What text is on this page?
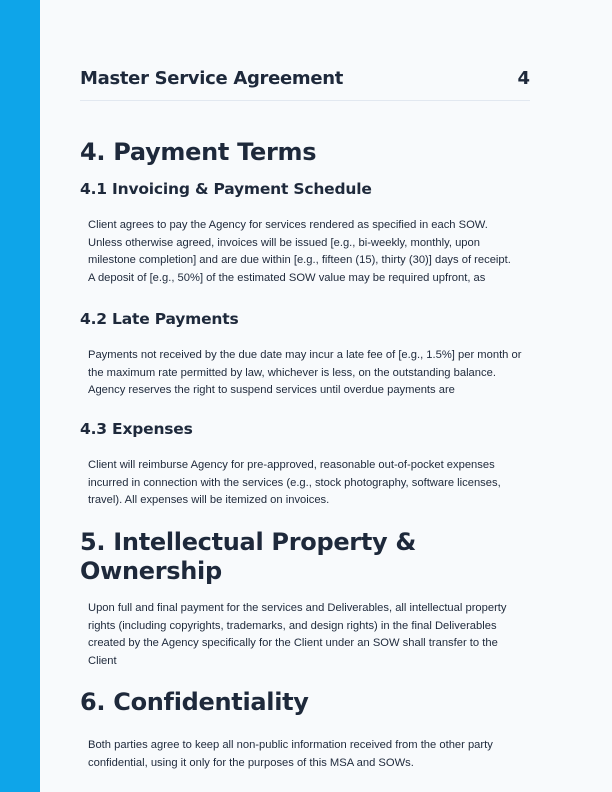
Master Service Agreement	4
4. Payment Terms
4.1 Invoicing & Payment Schedule
Client agrees to pay the Agency for services rendered as specified in each SOW. Unless otherwise agreed, invoices will be issued [e.g., bi-weekly, monthly, upon milestone completion] and are due within [e.g., fifteen (15), thirty (30)] days of receipt.
A deposit of [e.g., 50%] of the estimated SOW value may be required upfront, as
4.2 Late Payments
Payments not received by the due date may incur a late fee of [e.g., 1.5%] per month or the maximum rate permitted by law, whichever is less, on the outstanding balance. Agency reserves the right to suspend services until overdue payments are
4.3 Expenses
Client will reimburse Agency for pre-approved, reasonable out-of-pocket expenses incurred in connection with the services (e.g., stock photography, software licenses, travel). All expenses will be itemized on invoices.
5. Intellectual Property & Ownership
Upon full and final payment for the services and Deliverables, all intellectual property rights (including copyrights, trademarks, and design rights) in the final Deliverables created by the Agency specifically for the Client under an SOW shall transfer to the Client
6. Confidentiality
Both parties agree to keep all non-public information received from the other party confidential, using it only for the purposes of this MSA and SOWs.
